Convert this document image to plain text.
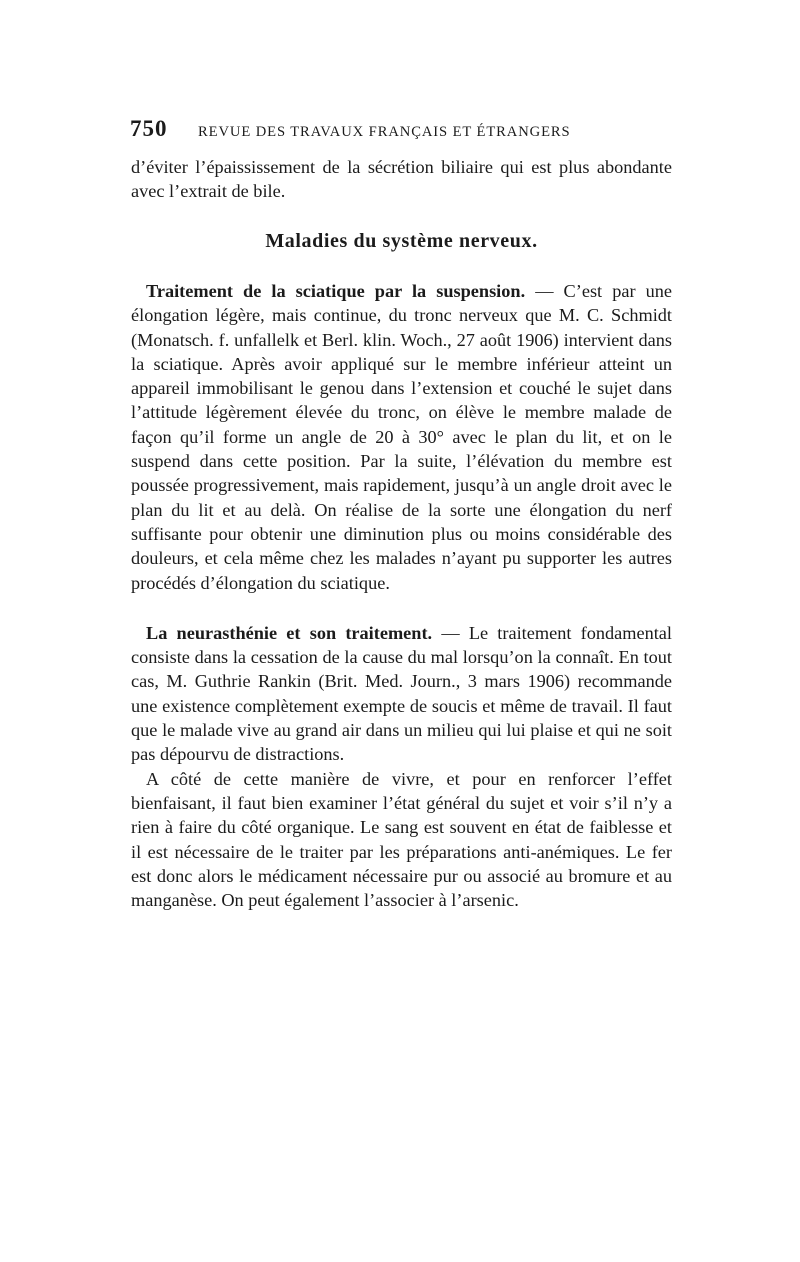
750	REVUE DES TRAVAUX FRANÇAIS ET ÉTRANGERS

d’éviter l’épaississement de la sécrétion biliaire qui est plus abondante avec l’extrait de bile.

Maladies du système nerveux.

Traitement de la sciatique par la suspension. — C’est par une élongation légère, mais continue, du tronc nerveux que M. C. Schmidt (Monatsch. f. unfallelk et Berl. klin. Woch., 27 août 1906) intervient dans la sciatique. Après avoir appliqué sur le membre inférieur atteint un appareil immobilisant le genou dans l’extension et couché le sujet dans l’attitude légèrement élevée du tronc, on élève le membre malade de façon qu’il forme un angle de 20 à 30° avec le plan du lit, et on le suspend dans cette position. Par la suite, l’élévation du membre est poussée progressivement, mais rapidement, jusqu’à un angle droit avec le plan du lit et au delà. On réalise de la sorte une élongation du nerf suffisante pour obtenir une diminution plus ou moins considérable des douleurs, et cela même chez les malades n’ayant pu supporter les autres procédés d’élongation du sciatique.

La neurasthénie et son traitement. — Le traitement fondamental consiste dans la cessation de la cause du mal lorsqu’on la connaît. En tout cas, M. Guthrie Rankin (Brit. Med. Journ., 3 mars 1906) recommande une existence complètement exempte de soucis et même de travail. Il faut que le malade vive au grand air dans un milieu qui lui plaise et qui ne soit pas dépourvu de distractions.

A côté de cette manière de vivre, et pour en renforcer l’effet bienfaisant, il faut bien examiner l’état général du sujet et voir s’il n’y a rien à faire du côté organique. Le sang est souvent en état de faiblesse et il est nécessaire de le traiter par les préparations anti-anémiques. Le fer est donc alors le médicament nécessaire pur ou associé au bromure et au manganèse. On peut également l’associer à l’arsenic.
